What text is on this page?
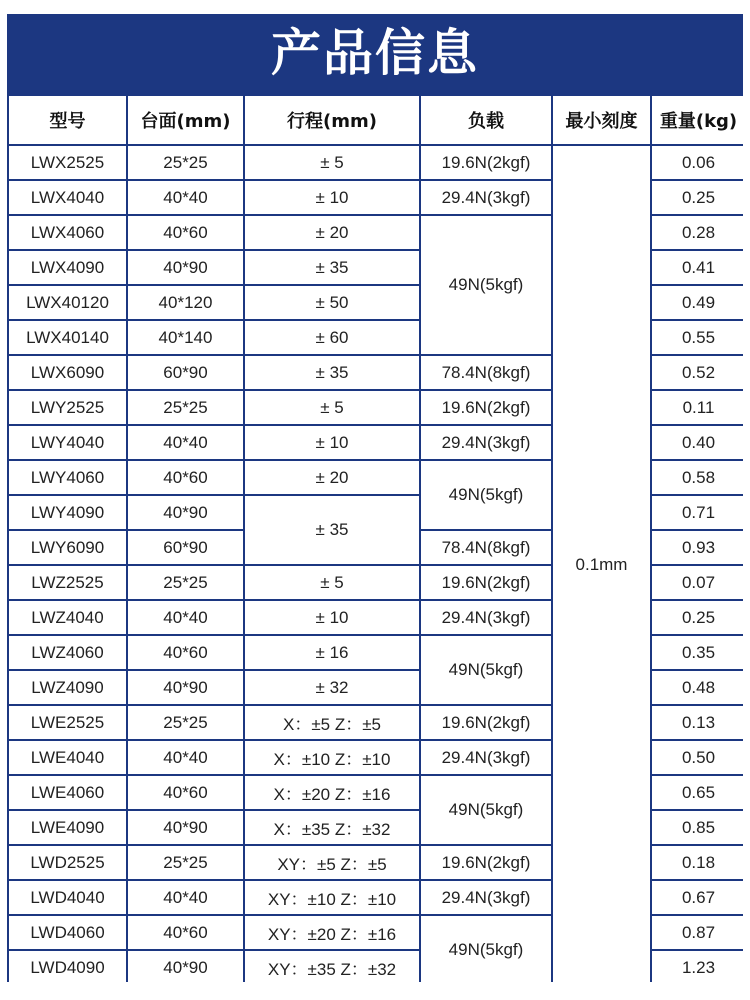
产品信息
型号	台面(mm)	行程(mm)	负载	最小刻度	重量(kg)
LWX2525	25*25	± 5	19.6N(2kgf)	0.1mm	0.06
LWX4040	40*40	± 10	29.4N(3kgf)		0.25
LWX4060	40*60	± 20	49N(5kgf)		0.28
LWX4090	40*90	± 35			0.41
LWX40120	40*120	± 50			0.49
LWX40140	40*140	± 60			0.55
LWX6090	60*90	± 35	78.4N(8kgf)		0.52
LWY2525	25*25	± 5	19.6N(2kgf)		0.11
LWY4040	40*40	± 10	29.4N(3kgf)		0.40
LWY4060	40*60	± 20	49N(5kgf)		0.58
LWY4090	40*90	± 35			0.71
LWY6090	60*90		78.4N(8kgf)		0.93
LWZ2525	25*25	± 5	19.6N(2kgf)		0.07
LWZ4040	40*40	± 10	29.4N(3kgf)		0.25
LWZ4060	40*60	± 16	49N(5kgf)		0.35
LWZ4090	40*90	± 32			0.48
LWE2525	25*25	X：±5 Z：±5	19.6N(2kgf)		0.13
LWE4040	40*40	X：±10 Z：±10	29.4N(3kgf)		0.50
LWE4060	40*60	X：±20 Z：±16	49N(5kgf)		0.65
LWE4090	40*90	X：±35 Z：±32			0.85
LWD2525	25*25	XY：±5 Z：±5	19.6N(2kgf)		0.18
LWD4040	40*40	XY：±10 Z：±10	29.4N(3kgf)		0.67
LWD4060	40*60	XY：±20 Z：±16	49N(5kgf)		0.87
LWD4090	40*90	XY：±35 Z：±32			1.23
